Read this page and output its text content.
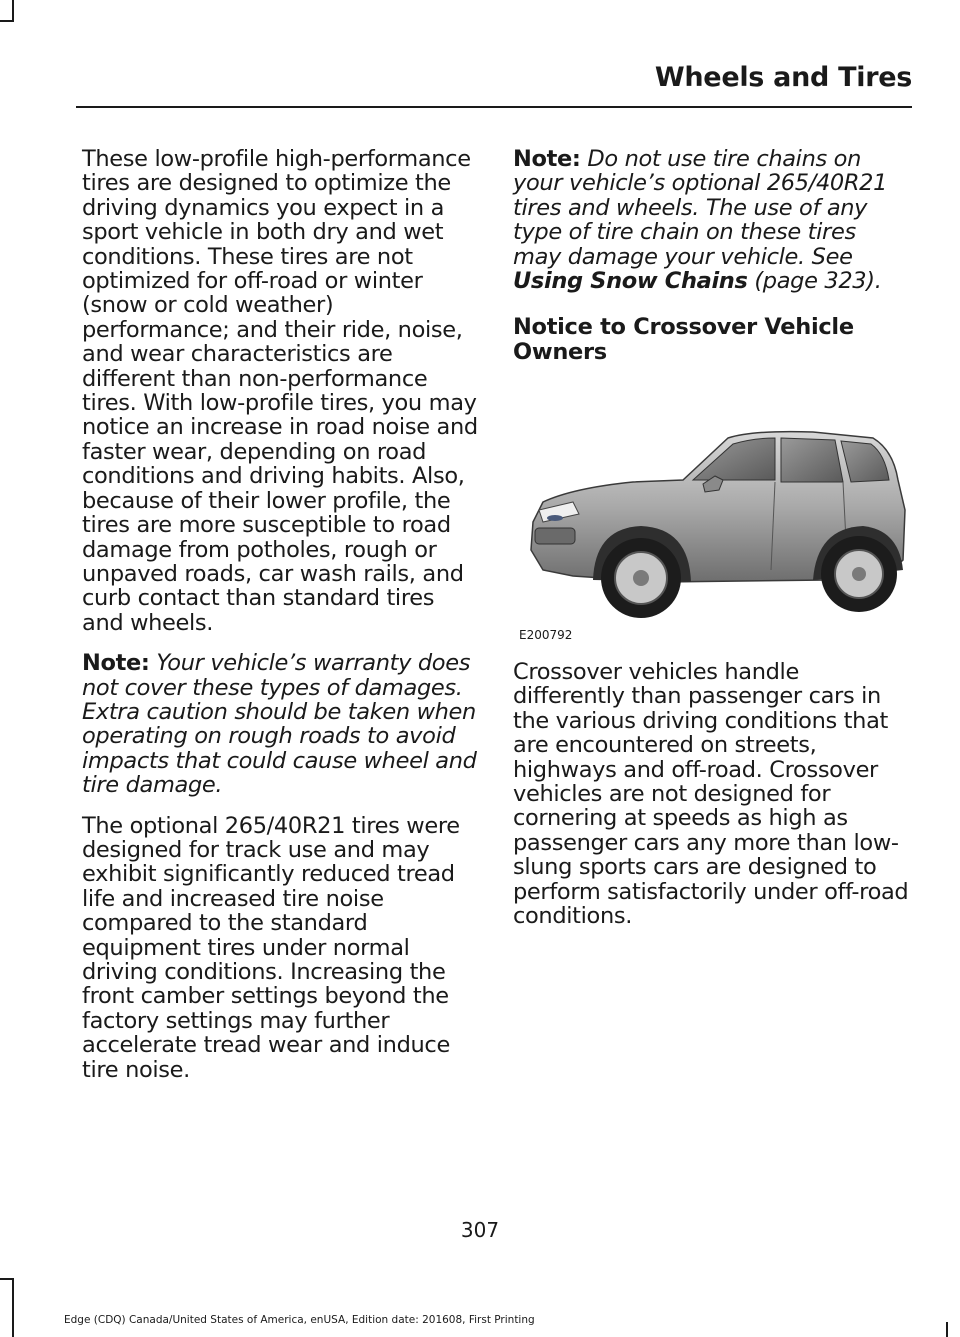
Wheels and Tires

These low-profile high-performance tires are designed to optimize the driving dynamics you expect in a sport vehicle in both dry and wet conditions. These tires are not optimized for off-road or winter (snow or cold weather) performance; and their ride, noise, and wear characteristics are different than non-performance tires. With low-profile tires, you may notice an increase in road noise and faster wear, depending on road conditions and driving habits. Also, because of their lower profile, the tires are more susceptible to road damage from potholes, rough or unpaved roads, car wash rails, and curb contact than standard tires and wheels.

Note: Your vehicle’s warranty does not cover these types of damages. Extra caution should be taken when operating on rough roads to avoid impacts that could cause wheel and tire damage.

The optional 265/40R21 tires were designed for track use and may exhibit significantly reduced tread life and increased tire noise compared to the standard equipment tires under normal driving conditions. Increasing the front camber settings beyond the factory settings may further accelerate tread wear and induce tire noise.

Note: Do not use tire chains on your vehicle’s optional 265/40R21 tires and wheels. The use of any type of tire chain on these tires may damage your vehicle. See Using Snow Chains (page 323).

Notice to Crossover Vehicle Owners
E200792
Crossover vehicles handle differently than passenger cars in the various driving conditions that are encountered on streets, highways and off-road. Crossover vehicles are not designed for cornering at speeds as high as passenger cars any more than low-slung sports cars are designed to perform satisfactorily under off-road conditions.
307
Edge (CDQ) Canada/United States of America, enUSA, Edition date: 201608, First Printing
